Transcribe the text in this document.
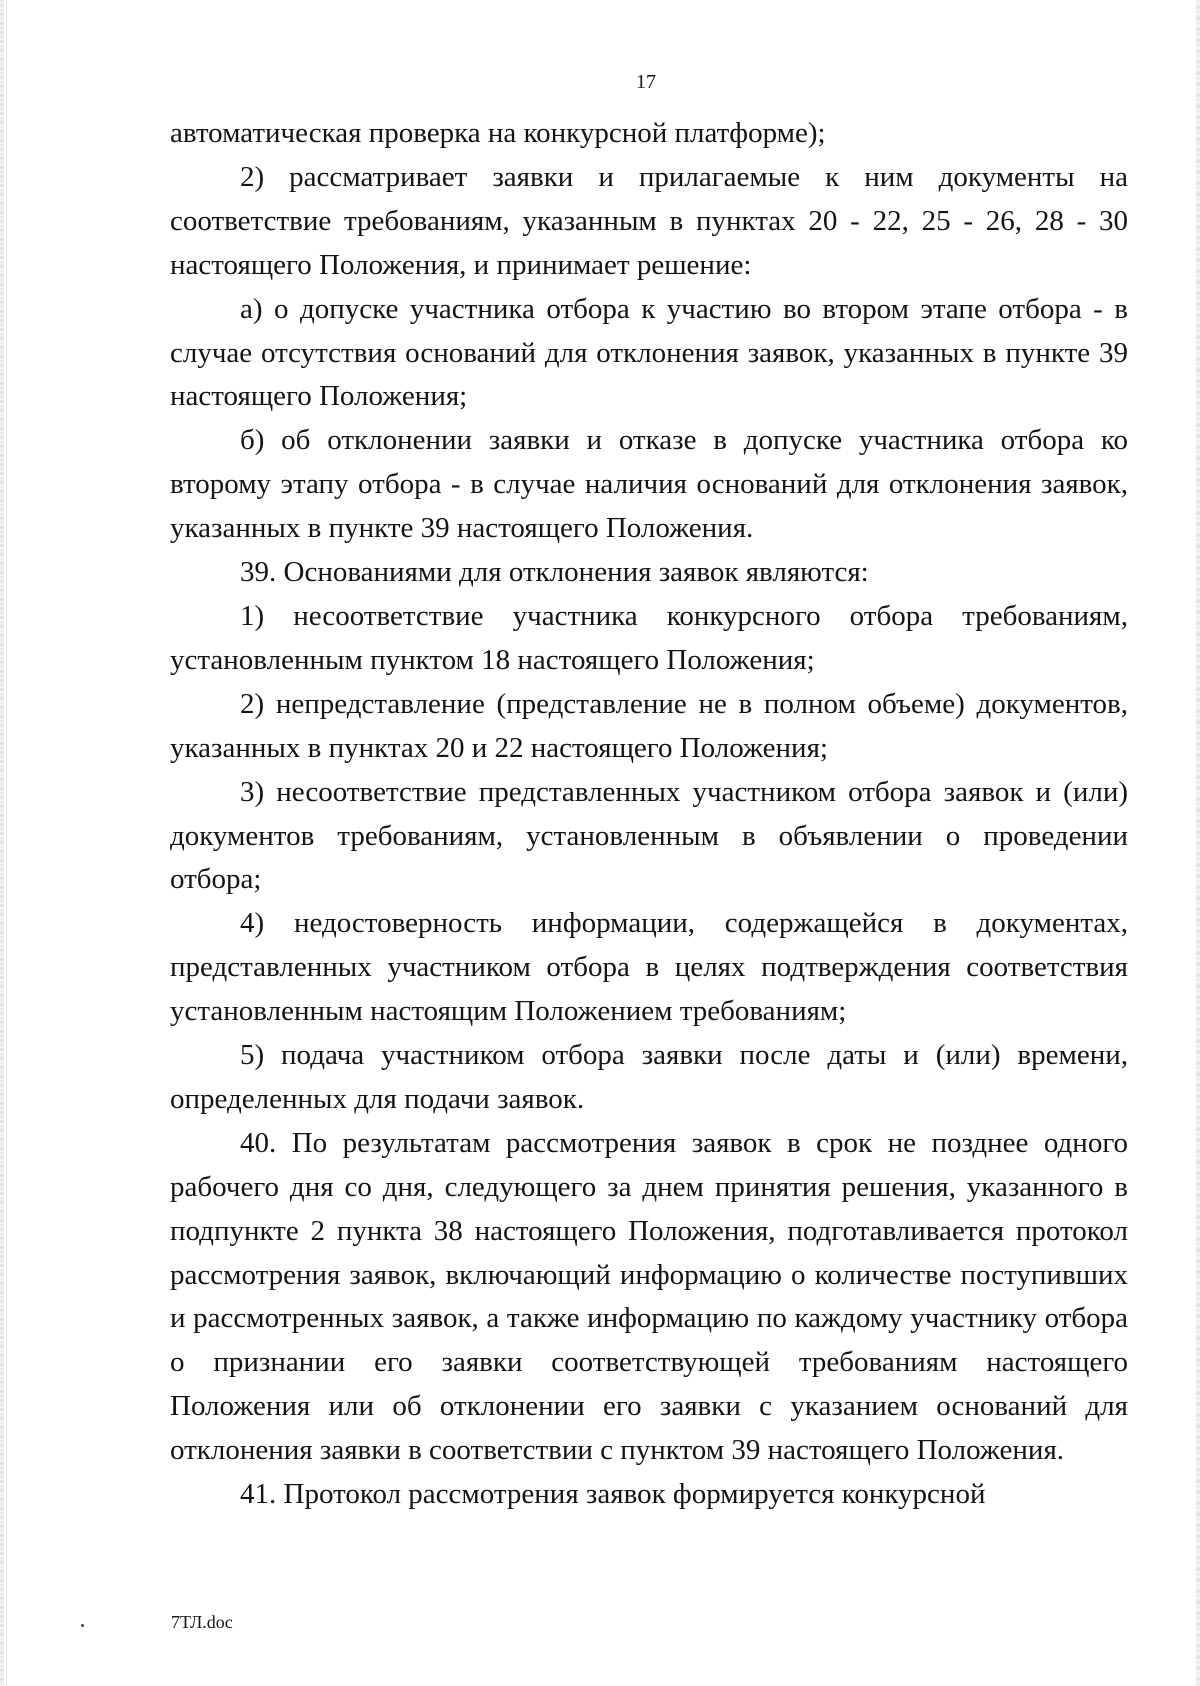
17

автоматическая проверка на конкурсной платформе);

2) рассматривает заявки и прилагаемые к ним документы на соответствие требованиям, указанным в пунктах 20 - 22, 25 - 26, 28 - 30 настоящего Положения, и принимает решение:

а) о допуске участника отбора к участию во втором этапе отбора - в случае отсутствия оснований для отклонения заявок, указанных в пункте 39 настоящего Положения;

б) об отклонении заявки и отказе в допуске участника отбора ко второму этапу отбора - в случае наличия оснований для отклонения заявок, указанных в пункте 39 настоящего Положения.

39. Основаниями для отклонения заявок являются:

1) несоответствие участника конкурсного отбора требованиям, установленным пунктом 18 настоящего Положения;

2) непредставление (представление не в полном объеме) документов, указанных в пунктах 20 и 22 настоящего Положения;

3) несоответствие представленных участником отбора заявок и (или) документов требованиям, установленным в объявлении о проведении отбора;

4) недостоверность информации, содержащейся в документах, представленных участником отбора в целях подтверждения соответствия установленным настоящим Положением требованиям;

5) подача участником отбора заявки после даты и (или) времени, определенных для подачи заявок.

40. По результатам рассмотрения заявок в срок не позднее одного рабочего дня со дня, следующего за днем принятия решения, указанного в подпункте 2 пункта 38 настоящего Положения, подготавливается протокол рассмотрения заявок, включающий информацию о количестве поступивших и рассмотренных заявок, а также информацию по каждому участнику отбора о признании его заявки соответствующей требованиям настоящего Положения или об отклонении его заявки с указанием оснований для отклонения заявки в соответствии с пунктом 39 настоящего Положения.

41. Протокол рассмотрения заявок формируется конкурсной

7ТЛ.doc
